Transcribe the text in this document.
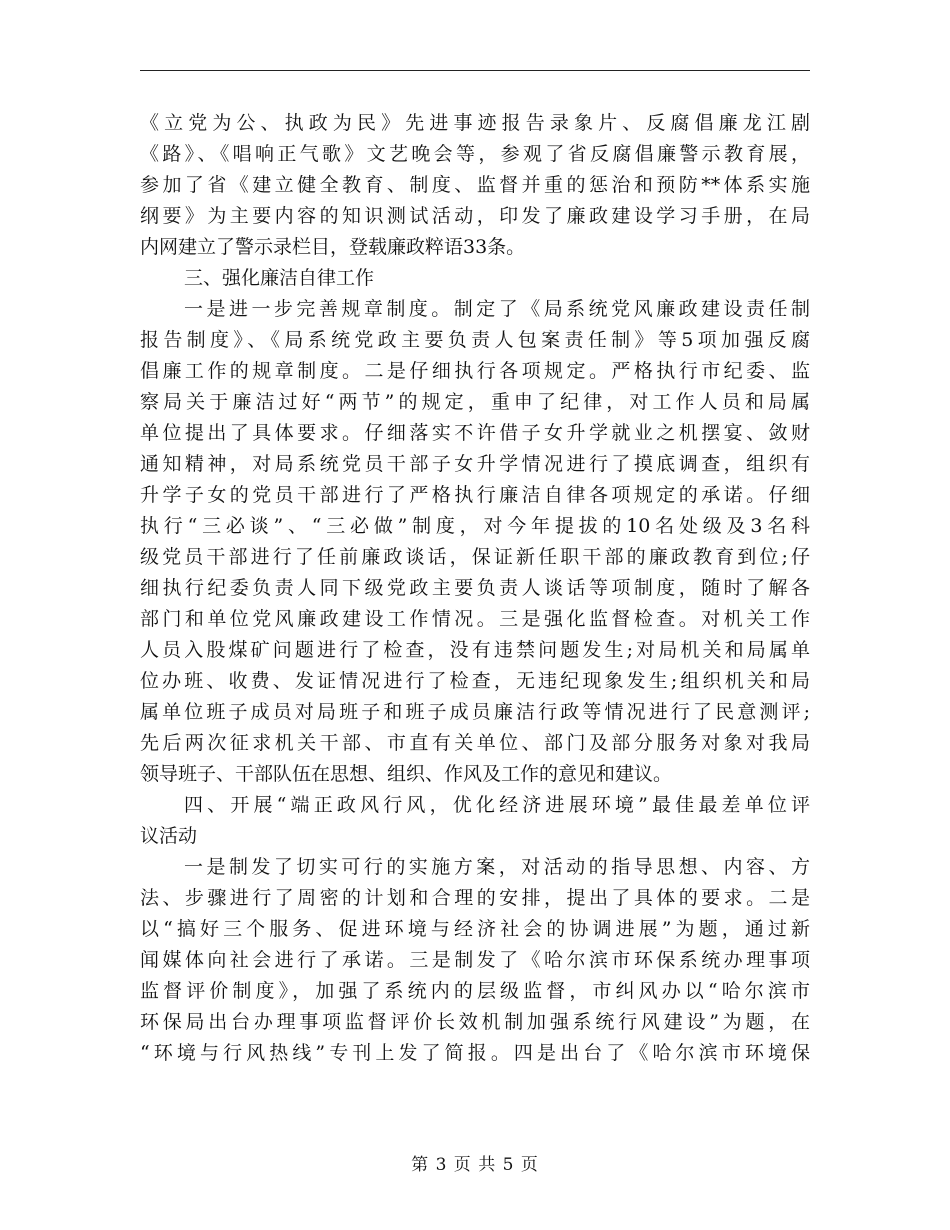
《立党为公、执政为民》先进事迹报告录象片、反腐倡廉龙江剧
《路》、《唱响正气歌》文艺晚会等，参观了省反腐倡廉警示教育展，
参加了省《建立健全教育、制度、监督并重的惩治和预防**体系实施
纲要》为主要内容的知识测试活动，印发了廉政建设学习手册，在局
内网建立了警示录栏目，登载廉政粹语33条。
三、强化廉洁自律工作
一是进一步完善规章制度。制定了《局系统党风廉政建设责任制
报告制度》、《局系统党政主要负责人包案责任制》等5项加强反腐
倡廉工作的规章制度。二是仔细执行各项规定。严格执行市纪委、监
察局关于廉洁过好“两节”的规定，重申了纪律，对工作人员和局属
单位提出了具体要求。仔细落实不许借子女升学就业之机摆宴、敛财
通知精神，对局系统党员干部子女升学情况进行了摸底调查，组织有
升学子女的党员干部进行了严格执行廉洁自律各项规定的承诺。仔细
执行“三必谈”、“三必做”制度，对今年提拔的10名处级及3名科
级党员干部进行了任前廉政谈话，保证新任职干部的廉政教育到位;仔
细执行纪委负责人同下级党政主要负责人谈话等项制度，随时了解各
部门和单位党风廉政建设工作情况。三是强化监督检查。对机关工作
人员入股煤矿问题进行了检查，没有违禁问题发生;对局机关和局属单
位办班、收费、发证情况进行了检查，无违纪现象发生;组织机关和局
属单位班子成员对局班子和班子成员廉洁行政等情况进行了民意测评;
先后两次征求机关干部、市直有关单位、部门及部分服务对象对我局
领导班子、干部队伍在思想、组织、作风及工作的意见和建议。
四、开展“端正政风行风，优化经济进展环境”最佳最差单位评
议活动
一是制发了切实可行的实施方案，对活动的指导思想、内容、方
法、步骤进行了周密的计划和合理的安排，提出了具体的要求。二是
以“搞好三个服务、促进环境与经济社会的协调进展”为题，通过新
闻媒体向社会进行了承诺。三是制发了《哈尔滨市环保系统办理事项
监督评价制度》，加强了系统内的层级监督，市纠风办以“哈尔滨市
环保局出台办理事项监督评价长效机制加强系统行风建设”为题，在
“环境与行风热线”专刊上发了简报。四是出台了《哈尔滨市环境保
第 3 页 共 5 页
